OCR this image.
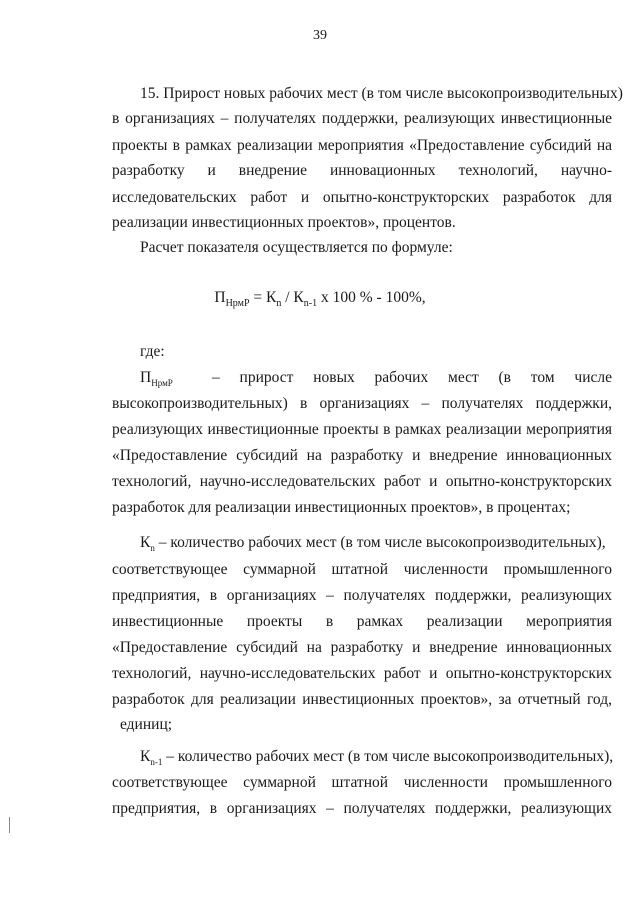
39
15. Прирост новых рабочих мест (в том числе высокопроизводительных)
в организациях – получателях поддержки, реализующих инвестиционные
проекты в рамках реализации мероприятия «Предоставление субсидий на
разработку и внедрение инновационных технологий, научно-
исследовательских работ и опытно-конструкторских разработок для
реализации инвестиционных проектов», процентов.
Расчет показателя осуществляется по формуле:
$П_{НрмР} = К_n / К_{n-1}$ х 100 % - 100%,
где:
$П_{НрмР}$	– прирост новых рабочих мест (в том числе
высокопроизводительных) в организациях – получателях поддержки,
реализующих инвестиционные проекты в рамках реализации мероприятия
«Предоставление субсидий на разработку и внедрение инновационных
технологий, научно-исследовательских работ и опытно-конструкторских
разработок для реализации инвестиционных проектов», в процентах;
$К_n$ – количество рабочих мест (в том числе высокопроизводительных),
соответствующее суммарной штатной численности промышленного
предприятия, в организациях – получателях поддержки, реализующих
инвестиционные проекты в рамках реализации мероприятия
«Предоставление субсидий на разработку и внедрение инновационных
технологий, научно-исследовательских работ и опытно-конструкторских
разработок для реализации инвестиционных проектов», за отчетный год,
единиц;
$К_{n-1}$ – количество рабочих мест (в том числе высокопроизводительных),
соответствующее суммарной штатной численности промышленного
предприятия, в организациях – получателях поддержки, реализующих
